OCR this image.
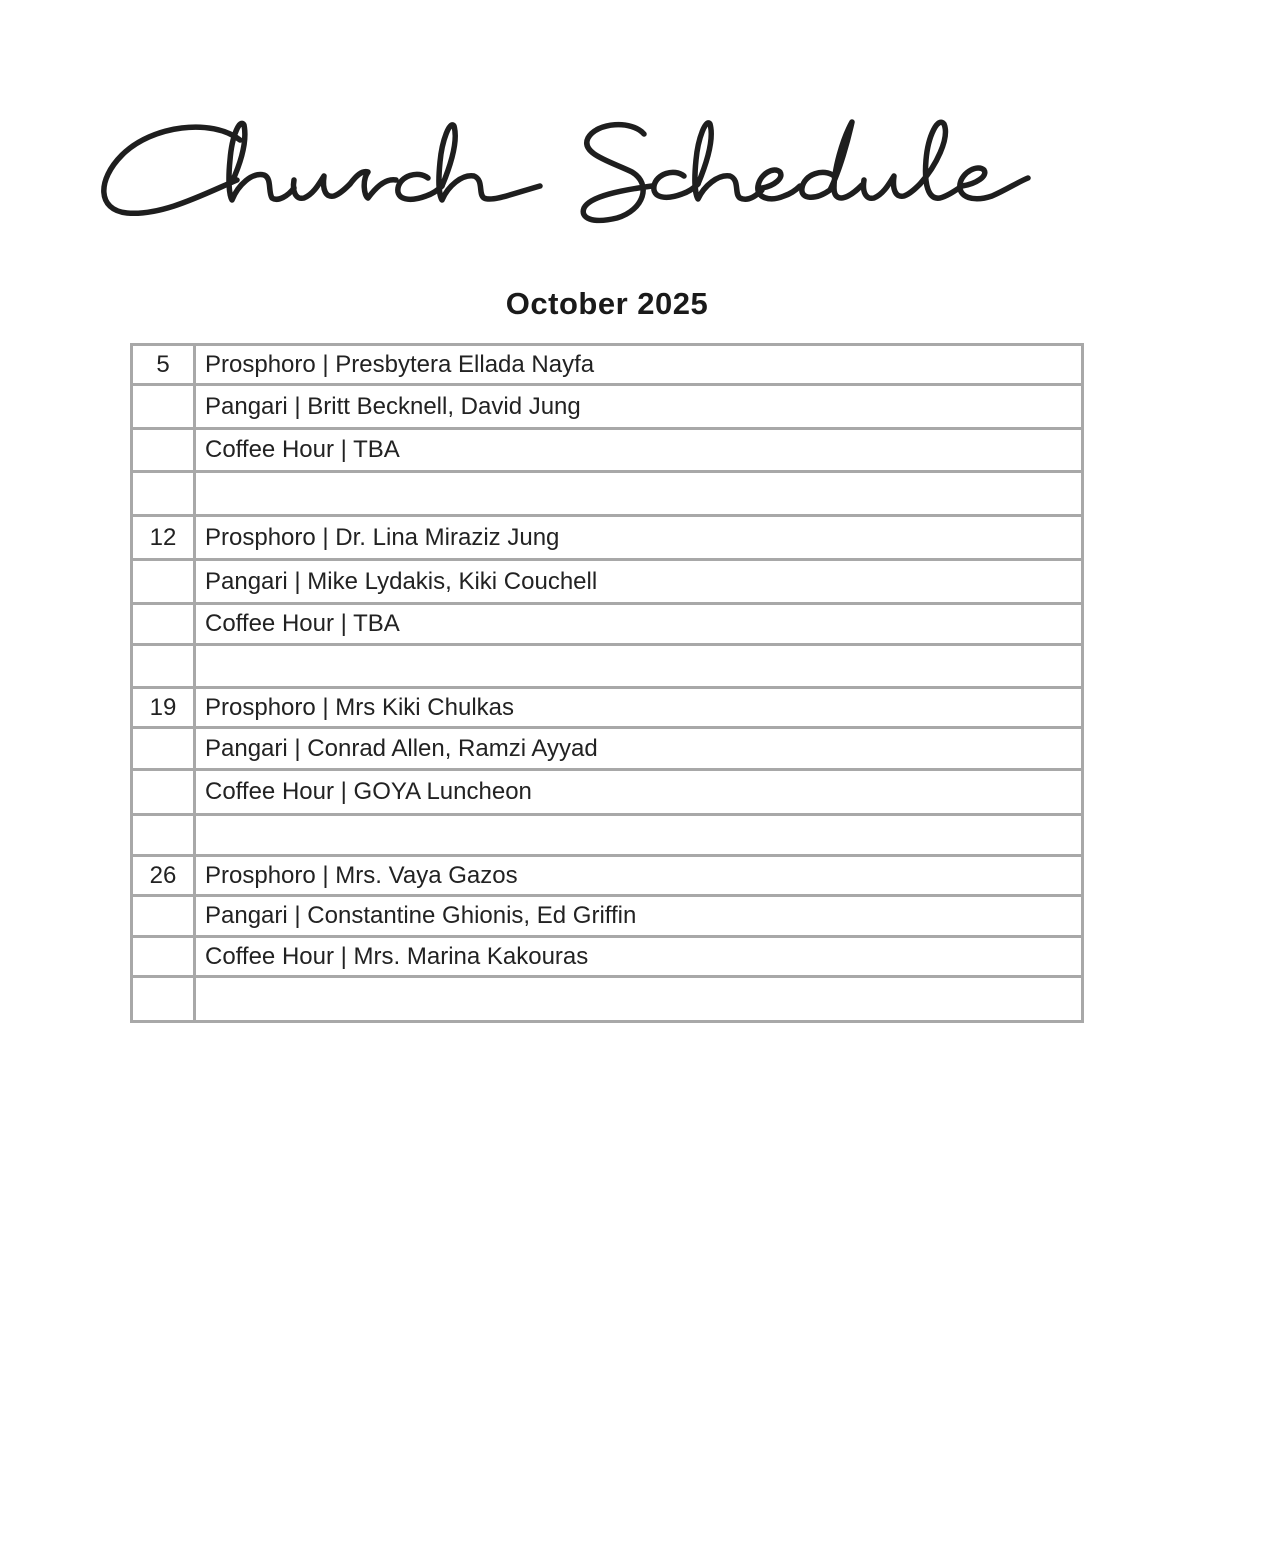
October 2025
5	Prosphoro | Presbytera Ellada Nayfa
	Pangari | Britt Becknell, David Jung
	Coffee Hour | TBA

12	Prosphoro | Dr. Lina Miraziz Jung
	Pangari | Mike Lydakis, Kiki Couchell
	Coffee Hour | TBA

19	Prosphoro | Mrs Kiki Chulkas
	Pangari | Conrad Allen, Ramzi Ayyad
	Coffee Hour | GOYA Luncheon

26	Prosphoro | Mrs. Vaya Gazos
	Pangari | Constantine Ghionis, Ed Griffin
	Coffee Hour | Mrs. Marina Kakouras
